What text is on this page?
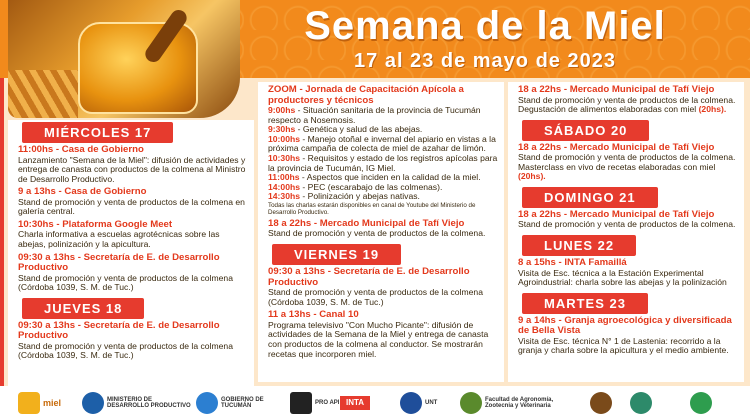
Semana de la Miel
17 al 23 de mayo de 2023
MIÉRCOLES 17
11:00hs - Casa de Gobierno
Lanzamiento "Semana de la Miel": difusión de actividades y entrega de canasta con productos de la colmena al Ministro de Desarrollo Productivo.
9 a 13hs - Casa de Gobierno
Stand de promoción y venta de productos de la colmena en galería central.
10:30hs - Plataforma Google Meet
Charla informativa a escuelas agrotécnicas sobre las abejas, polinización y la apicultura.
09:30 a 13hs - Secretaría de E. de Desarrollo Productivo
Stand de promoción y venta de productos de la colmena (Córdoba 1039, S. M. de Tuc.)
JUEVES 18
09:30 a 13hs - Secretaría de E. de Desarrollo Productivo
Stand de promoción y venta de productos de la colmena (Córdoba 1039, S. M. de Tuc.)
ZOOM - Jornada de Capacitación Apícola a productores y técnicos
9:00hs - Situación sanitaria de la provincia de Tucumán respecto a Nosemosis.
9:30hs - Genética y salud de las abejas.
10:00hs - Manejo otoñal e invernal del apiario en vistas a la próxima campaña de colecta de miel de azahar de limón.
10:30hs - Requisitos y estado de los registros apícolas para la provincia de Tucumán, IG Miel.
11:00hs - Aspectos que inciden en la calidad de la miel.
14:00hs - PEC (escarabajo de las colmenas).
14:30hs - Polinización y abejas nativas.
Todas las charlas estarán disponibles en canal de Youtube del Ministerio de Desarrollo Productivo.
18 a 22hs - Mercado Municipal de Tafí Viejo
Stand de promoción y venta de productos de la colmena.
VIERNES 19
09:30 a 13hs - Secretaría de E. de Desarrollo Productivo
Stand de promoción y venta de productos de la colmena (Córdoba 1039, S. M. de Tuc.)
11 a 13hs - Canal 10
Programa televisivo "Con Mucho Picante": difusión de actividades de la Semana de la Miel y entrega de canasta con productos de la colmena al conductor. Se mostrarán recetas que incorporen miel.
18 a 22hs - Mercado Municipal de Tafí Viejo
Stand de promoción y venta de productos de la colmena. Degustación de alimentos elaboradas con miel (20hs).
SÁBADO 20
18 a 22hs - Mercado Municipal de Tafí Viejo
Stand de promoción y venta de productos de la colmena. Masterclass en vivo de recetas elaboradas con miel (20hs).
DOMINGO 21
18 a 22hs - Mercado Municipal de Tafí Viejo
Stand de promoción y venta de productos de la colmena.
LUNES 22
8 a 15hs - INTA Famaillá
Visita de Esc. técnica a la Estación Experimental Agroindustrial: charla sobre las abejas y la polinización
MARTES 23
9 a 14hs - Granja agroecológica y diversificada de Bella Vista
Visita de Esc. técnica N° 1 de Lastenia: recorrido a la granja y charla sobre la apicultura y el medio ambiente.
miel	MINISTERIO DE DESARROLLO PRODUCTIVO
GOBIERNO DE TUCUMÁN
PRO API INTA	UNT
Facultad de Agronomía, Zootecnia y Veterinaria
